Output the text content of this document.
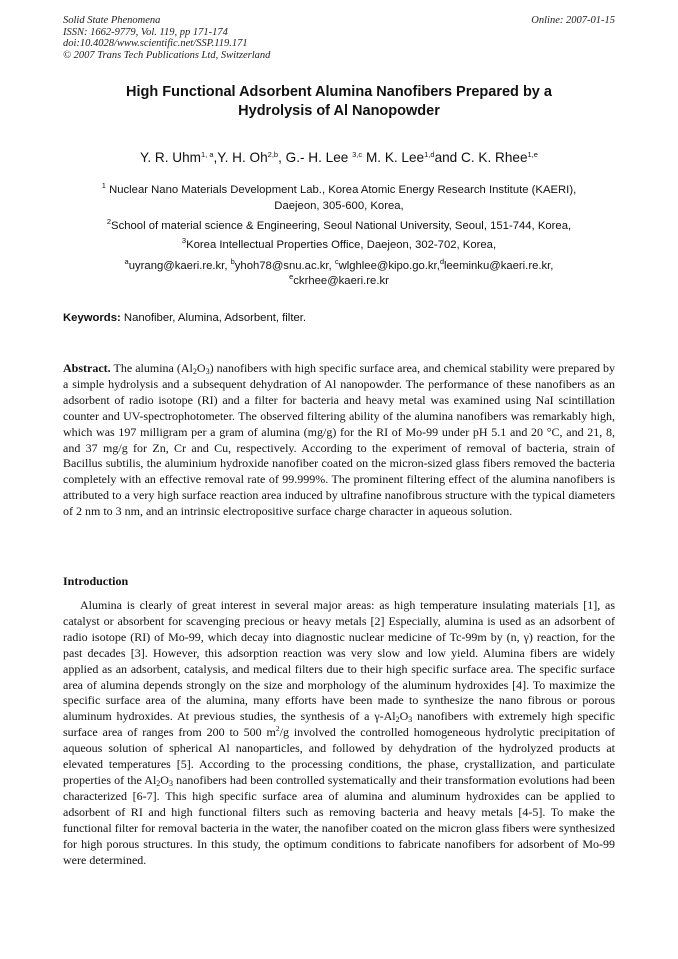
Solid State Phenomena
ISSN: 1662-9779, Vol. 119, pp 171-174
doi:10.4028/www.scientific.net/SSP.119.171
© 2007 Trans Tech Publications Ltd, Switzerland
Online: 2007-01-15
High Functional Adsorbent Alumina Nanofibers Prepared by a
Hydrolysis of Al Nanopowder
Y. R. Uhm$^{1, a}$,Y. H. Oh$^{2,b}$, G.- H. Lee $^{3,c}$ M. K. Lee$^{1,d}$and C. K. Rhee$^{1,e}$
$^1$ Nuclear Nano Materials Development Lab., Korea Atomic Energy Research Institute (KAERI),
Daejeon, 305-600, Korea,
$^2$School of material science & Engineering, Seoul National University, Seoul, 151-744, Korea,
$^3$Korea Intellectual Properties Office, Daejeon, 302-702, Korea,
$^a$uyrang@kaeri.re.kr, $^b$yhoh78@snu.ac.kr, $^c$wlghlee@kipo.go.kr,$^d$leeminku@kaeri.re.kr,
$^e$ckrhee@kaeri.re.kr
Keywords: Nanofiber, Alumina, Adsorbent, filter.
Abstract. The alumina $(Al_2O_3)$ nanofibers with high specific surface area, and chemical stability were prepared by a simple hydrolysis and a subsequent dehydration of Al nanopowder. The performance of these nanofibers as an adsorbent of radio isotope (RI) and a filter for bacteria and heavy metal was examined using NaI scintillation counter and UV-spectrophotometer. The observed filtering ability of the alumina nanofibers was remarkably high, which was 197 milligram per a gram of alumina (mg/g) for the RI of Mo-99 under pH 5.1 and 20 °C, and 21, 8, and 37 mg/g for Zn, Cr and Cu, respectively. According to the experiment of removal of bacteria, strain of Bacillus subtilis, the aluminium hydroxide nanofiber coated on the micron-sized glass fibers removed the bacteria completely with an effective removal rate of 99.999%. The prominent filtering effect of the alumina nanofibers is attributed to a very high surface reaction area induced by ultrafine nanofibrous structure with the typical diameters of 2 nm to 3 nm, and an intrinsic electropositive surface charge character in aqueous solution.
Introduction
Alumina is clearly of great interest in several major areas: as high temperature insulating materials [1], as catalyst or absorbent for scavenging precious or heavy metals [2] Especially, alumina is used as an adsorbent of radio isotope (RI) of Mo-99, which decay into diagnostic nuclear medicine of Tc-99m by (n, γ) reaction, for the past decades [3]. However, this adsorption reaction was very slow and low yield. Alumina fibers are widely applied as an adsorbent, catalysis, and medical filters due to their high specific surface area. The specific surface area of alumina depends strongly on the size and morphology of the aluminum hydroxides [4]. To maximize the specific surface area of the alumina, many efforts have been made to synthesize the nano fibrous or porous aluminum hydroxides. At previous studies, the synthesis of a $\gamma-Al_2O_3$ nanofibers with extremely high specific surface area of ranges from 200 to 500 $m^2/g$ involved the controlled homogeneous hydrolytic precipitation of aqueous solution of spherical Al nanoparticles, and followed by dehydration of the hydrolyzed products at elevated temperatures [5]. According to the processing conditions, the phase, crystallization, and particulate properties of the $Al_2O_3$ nanofibers had been controlled systematically and their transformation evolutions had been characterized [6-7]. This high specific surface area of alumina and aluminum hydroxides can be applied to adsorbent of RI and high functional filters such as removing bacteria and heavy metals [4-5]. To make the functional filter for removal bacteria in the water, the nanofiber coated on the micron glass fibers were synthesized for high porous structures. In this study, the optimum conditions to fabricate nanofibers for adsorbent of Mo-99 were determined.
